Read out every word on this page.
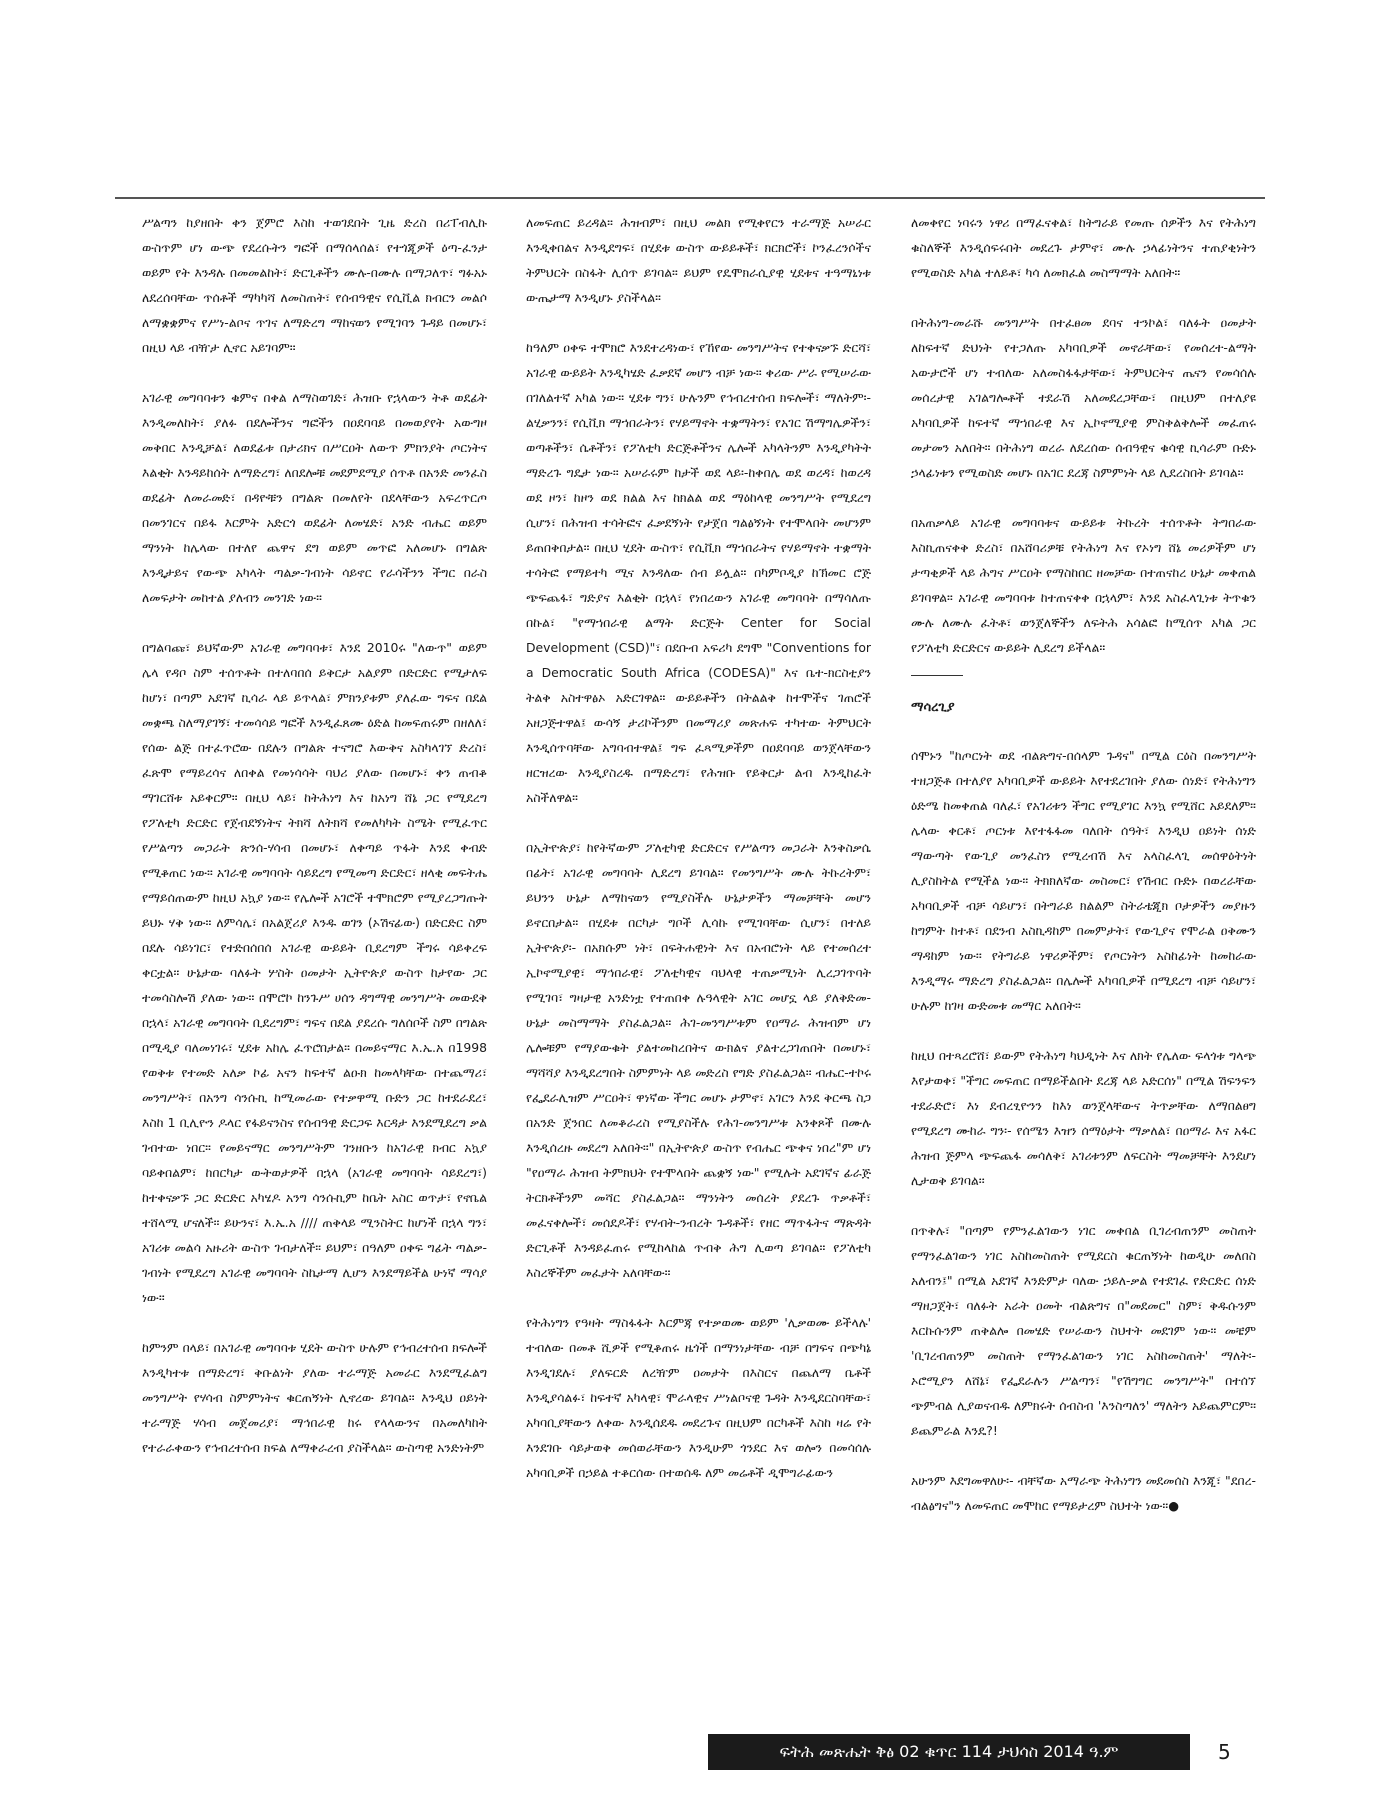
ሥልጣን ከያዘበት ቀን ጀምሮ እስከ ተወገደበት ጊዜ ድረስ በሪፐብሊኩ ውስጥም ሆነ ውጭ የደረሱትን ግፎች በማሰላሰል፣ የተጎጂዎች ዕጣ-ፈንታ ወይም የት እንዳሉ በመመልከት፣ ድርጊቶችን ሙሉ-በሙሉ በማጋለጥ፣ ግፉአኑ ለደረሰባቸው ጥሰቶች ማካካሻ ለመስጠት፣ የሰብዓዊና የሲቪል ክብርን መልሶ ለማቋቋምና የሥነ-ልቦና ጥገና ለማድረግ ማከናወን የሚገባን ጉዳይ በመሆኑ፣ በዚህ ላይ ብዥታ ሊኖር አይገባም።

አገራዊ መግባባቱን ቁምና በቀል ለማስወገድ፣ ሕዝቡ የኋላውን ትቶ ወደፊት እንዲመለከት፣ ያለፉ በደሎችንና ግፎችን በዐደባባይ በመወያየት አውግዞ መቅበር እንዲቻል፣ ለወደፊቱ በታሪክና በሥርዐት ለውጥ ምክንያት ጦርነትና እልቂት እንዳይከሰት ለማድረግ፣ ለበደሎቹ መደምደሚያ ሰጥቶ በአንድ መንፈስ ወደፊት ለመራመድ፣ በዳዮቹን በግልጽ በመለየት በደላቸውን አፍረጥርጦ በመንገርና በይፋ እርምት አድርጎ ወደፊት ለመሄድ፣ አንድ ብሔር ወይም ማንነት ከሌላው በተለየ ጨዋና ደግ ወይም መጥፎ አለመሆኑ በግልጽ እንዲታይና የውጭ አካላት ጣልቃ-ገብነት ሳይኖር የራሳችንን ችግር በራስ ለመፍታት መከተል ያለብን መንገድ ነው።

በግልባጩ፣ ይህኛውም አገራዊ መግባባቱ፣ እንደ 2010ሩ "ለውጥ" ወይም ሌላ የዳቦ ስም ተሰጥቶት በተለባበሰ ይቅርታ አልያም በድርድር የሚታለፍ ከሆነ፣ በጣም አደገኛ ኪሳራ ላይ ይጥላል፣ ምክንያቱም ያለፈው ግፍና በደል መቋጫ ስለማያገኝ፣ ተመሳሳይ ግፎች እንዲፈጸሙ ዕድል ከመፍጠሩም በዘለለ፣ የሰው ልጅ በተፈጥሮው በደሉን በግልጽ ተናግሮ እውቅና አስካላገኘ ድረስ፣ ፈጽሞ የማይረሳና ለበቀል የመነሳሳት ባህሪ ያለው በመሆኑ፣ ቀን ጠብቆ ማገርሸቱ አይቀርም። በዚህ ላይ፣ ከትሕነግ እና ከአነግ ሸኔ ጋር የሚደረግ የፖለቲካ ድርድር የጀብደኝነትና ትክሻ ለትክሻ የመለካካት ስሜት የሚፈጥር የሥልጣን መጋራት ጽንሰ-ሃሳብ በመሆኑ፣ ለቀጣይ ጥፋት እንደ ቀብድ የሚቆጠር ነው። አገራዊ መግባባት ሳይደረግ የሚመጣ ድርድር፣ ዘላቂ መፍትሔ የማይሰጠውም ከዚህ አኳያ ነው። የሌሎች አገሮች ተሞክሮም የሚያረጋግጡት ይህኑ ሃቅ ነው። ለምሳሌ፣ በአልጀሪያ እንዱ ወገን (ኦሽናፊው) በድርድር ስም በደሉ ሳይነገር፣ የተድበሰበሰ አገራዊ ውይይት ቢደረግም ችግሩ ሳይቀረፍ ቀርቷል፡፡ ሁኔታው ባለፉት ሦስት ዐመታት ኢትዮጵያ ውስጥ ከታየው ጋር ተመሳስሎሽ ያለው ነው። በሞሮኮ ከንጉሥ ሀሰን ዳግማዊ መንግሥት መውደቅ በኋላ፣ አገራዊ መግባባት ቢደረግም፣ ግፍና በደል ያደረሱ ግለሰቦች ስም በግልጽ በሚዲያ ባለመነገሩ፣ ሂደቱ አከሌ ፈጥሮበታል። በመይናማር እ.ኤ.አ በ1998 የወቅቱ የተመድ አለቃ ኮፊ አናን ከፍተኛ ልዑክ ከመላካቸው በተጨማሪ፣ መንግሥት፣ በአንግ ሳንሱኪ ከሚመራው የተቃዋሚ ቡድን ጋር ከተደራደረ፣ እስከ 1 ቢሊዮን ዶላር የፋይናንስና የሰብዓዊ ድርጋፍ እርዳታ እንደሚደረግ ቃል ገብተው ነበር። የመይናማር መንግሥትም ገንዘቡን ከአገራዊ ክብር አኳያ ባይቀበልም፣ ከበርካታ ውትወታዎች በኋላ (አገራዊ መግባባት ሳይደረግ፣) ከተቀናቃኙ ጋር ድርድር አካሄዶ አንግ ሳንሱኪም ከቤት አስር ወጥታ፣ የኖቤል ተሸላሚ ሆናለች፡፡ ይሁንና፣ እ.ኤ.አ //// ጠቅላይ ሚንስትር ከሆነች በኋላ ግን፣ አገሪቱ መልሳ አዙሪት ውስጥ ገብታለች፡፡ ይህም፣ በዓለም ዐቀፍ ግፊት ጣልቃ-ገብነት የሚደረግ አገራዊ መግባባት ስኬታማ ሊሆን እንደማይችል ሁነኛ ማሳያ ነው።

ከምንም በላይ፣ በአገራዊ መግባባቱ ሂደት ውስጥ ሁሉም የኅብረተሰብ ክፍሎች እንዲካተቱ በማድረግ፣ ቅቡልነት ያለው ተራማጅ አመራር እንደሚፈልግ መንግሥት የሃሳብ ስምምነትና ቁርጠኝነት ሊኖረው ይገባል። እንዲህ ዐይነት ተራማጅ ሃሳብ መጀመሪያ፣ ማኅበራዊ ከሩ የላላውንና በአመለካከት የተራራቀውን የኅብረተሰብ ክፍል ለማቀራረብ ያስችላል። ውስጣዊ አንድነትም

ለመፍጠር ይረዳል። ሕዝብም፣ በዚህ መልክ የሚቀየርን ተራማጅ አሠራር እንዲቀበልና እንዲደግፍ፣ በሂደቱ ውስጥ ውይይቶች፣ ክርክሮች፣ ኮንፈረንሶችና ትምህርት በስፋት ሊሰጥ ይገባል። ይህም የዴሞክራሲያዊ ሂደቱና ተዓማኒነቱ ውጤታማ እንዲሆኑ ያስችላል።

ከዓለም ዐቀፍ ተሞክሮ እንደተረዳነው፣ የኸየው መንግሥትና የተቀናቃኙ ድርሻ፣ አገራዊ ውይይት እንዲካሄድ ፈቃደኛ መሆን ብቻ ነው። ቀሪው ሥራ የሚሠራው በገለልተኛ አካል ነው። ሂደቱ ግን፣ ሁሉንም የኅብረተሰብ ክፍሎች፣ ማለትም፡- ልሂቃንን፣ የሲቪክ ማኀበራትን፣ የሃይማኖት ተቋማትን፣ የአገር ሽማግሌዎችን፣ ወጣቶችን፣ ሴቶችን፣ የፖለቲካ ድርጅቶችንና ሌሎች አካላትንም እንዲያካትት ማድረጉ ግዴታ ነው። አሠራሩም ከታች ወደ ላይ፡-ከቀበሌ ወደ ወረዳ፣ ከወረዳ ወደ ዞን፣ ከዞን ወደ ክልል እና ከክልል ወደ ማዕከላዊ መንግሥት የሚደረግ ሲሆን፣ በሕዝብ ተሳትፎና ፈቃደኝነት የታጀበ ግልፅኝነት የተሞላበት መሆንም ይጠበቅበታል። በዚህ ሂደት ውስጥ፣ የሲቪክ ማኀበራትና የሃይማኖት ተቋማት ተሳትፎ የማይተካ ሚና እንዳለው ሰብ ይሏል። በካምቦዲያ ከኽመር ሮጅ ጭፍጨፋ፣ ግድያና እልቂት በኋላ፣ የነበረውን አገራዊ መግባባት በማሳለጡ በኩል፣ "የማኀበራዊ ልማት ድርጅት Center for Social Development (CSD)"፣ በደቡብ አፍሪካ ደግሞ "Conventions for a Democratic South Africa (CODESA)" እና ቤተ-ክርስቲያን ትልቅ አስተዋፅኦ አድርገዋል። ውይይቶችን በትልልቅ ከተሞችና ገጠሮች አዘጋጅተዋል፤ ውሳኝ ታሪኮችንም በመማሪያ መጽሐፍ ተካተው ትምህርት እንዲሰጥባቸው አግባብተዋል፤ ግፍ ፈጻሚዎችም በዐደባባይ ወንጀላቸውን ዘርዝረው እንዲያስረዱ በማድረግ፣ የሕዝቡ የይቅርታ ልብ እንዲከፈት አስችለዋል።

በኢትዮጵያ፣ ከየትኛውም ፖለቲካዊ ድርድርና የሥልጣን መጋራት እንቅስቃሴ በፊት፣ አገራዊ መግባባት ሊደረግ ይገባል። የመንግሥት ሙሉ ትኩረትም፣ ይህንን ሁኔታ ለማከናወን የሚያስችሉ ሁኔታዎችን ማመቻቸት መሆን ይኖርበታል። በሂደቱ በርካታ ግቦች ሊሳኩ የሚገባቸው ሲሆን፣ በተለይ ኢትዮጵያ፡- በአክሱም ነት፣ በፍትሐዊነት እና በአብሮነት ላይ የተመሰረተ ኢኮኖሚያዊ፣ ማኅበራዊ፣ ፖለቲካዊና ባህላዊ ተጠቃሚነት ሊረጋገጥባት የሚገባ፣ ግዛታዊ አንድነቷ የተጠበቀ ሉዓላዊት አገር መሆኗ ላይ ያለቅድመ-ሁኔታ መስማማት ያስፈልጋል። ሕገ-መንግሥቱም የዐማራ ሕዝብም ሆነ ሌሎቹም የማያውቁት ያልተመከረበትና ውክልና ያልተረጋገጠበት በመሆኑ፣ ማሻሻያ እንዲደረግበት ስምምነት ላይ መድረስ የግድ ያስፈልጋል። ብሔር-ተኮሩ የፌደራሊዝም ሥርዐት፣ ዋነኛው ችግር መሆኑ ታምኖ፣ አገርን እንደ ቅርጫ ስጋ በአንድ ጀንበር ለመቆራረስ የሚያስችሉ የሕገ-መንግሥቱ አንቀጾች በሙሉ እንዲሰረዙ መደረግ አለበት።" በኢትዮጵያ ውስጥ የብሔር ጭቀና ነበረ"ም ሆነ "የዐማራ ሕዝብ ትምክህት የተሞላበት ጨቋኝ ነው" የሚሉት አደገኛና ፊራጅ ትርክቶችንም መሻር ያስፈልጋል። ማንነትን መሰረት ያደረጉ ጥቃቶች፣ መፈናቀሎች፣ መሰደዶች፣ የሃብት-ንብረት ጉዳቶች፣ የዘር ማጥፋትና ማጽዳት ድርጊቶች እንዳይፈጠሩ የሚከላከል ጥብቅ ሕግ ሊወጣ ይገባል። የፖለቲካ እስረኞችም መፈታት አለባቸው።

የትሕነግን የዓዛት ማስፋፋት እርምጃ የተቃወሙ ወይም 'ሊቃወሙ ይችላሉ' ተብለው በመቶ ሺዎች የሚቆጠሩ ዜጎች በማንነታቸው ብቻ በግፍና በጭካኔ እንዲገደሉ፣ ያለፍርድ ለረዥም ዐመታት በእስርና በጨለማ ቤቶች እንዲያሳልፉ፣ ከፍተኛ አካላዊ፣ ሞራላዊና ሥነልቦናዊ ጉዳት እንዲደርስባቸው፣ አካባቢያቸውን ለቀው እንዲሰደዱ መደረጉና በዚህም በርካቶች እስከ ዛሬ የት እንደገቡ ሳይታወቅ መሰወራቸውን እንዲሁም ጎንደር እና ወሎን በመሳሰሉ አካባቢዎች በኃይል ተቆርሰው በተወሰዱ ለም መሬቶች ዲሞግራፊውን

ለመቀየር ነባሩን ነዋሪ በማፈናቀል፣ ከትግራይ የመጡ ሰዎችን እና የትሕነግ ቁስለኞች እንዲሰፍሩበት መደረጉ ታምኖ፣ ሙሉ ኃላፊነትንና ተጠያቂነትን የሚወስድ አካል ተለይቶ፣ ካሳ ለመክፈል መስማማት አለበት።

በትሕነግ-መራሹ መንግሥት በተፈፀመ ደባና ተንኮል፣ ባለፉት ዐመታት ለከፍተኛ ድህነት የተጋለጡ አካባቢዎች መኖራቸው፣ የመሰረተ-ልማት አውታሮች ሆነ ተብለው አለመስፋፋታቸው፣ ትምህርትና ጤናን የመሳሰሉ መሰረታዊ አገልግሎቶች ተደራሽ አለመደረጋቸው፣ በዚህም በተለያዩ አካባቢዎች ከፍተኛ ማኀበራዊ እና ኢኮኖሚያዊ ምስቅልቅሎች መፈጠሩ መታመን አለበት። በትሕነግ ወረራ ለደረሰው ሰብዓዊና ቁሳዊ ኪሳራም ቡድኑ ኃላፊነቱን የሚወስድ መሆኑ በአገር ደረጃ ስምምነት ላይ ሊደረስበት ይገባል።

በአጠቃላይ አገራዊ መግባባቱና ውይይቱ ትኩረት ተሰጥቶት ትግበራው እስኪጠናቀቅ ድረስ፣ በአሸባሪዎቹ የትሕነግ እና የኦነግ ሸኔ መሪዎችም ሆነ ታጣቂዎች ላይ ሕግና ሥርዐት የማስከበር ዘመቻው በተጠናከረ ሁኔታ መቀጠል ይገባዋል። አገራዊ መግባባቱ ከተጠናቀቀ በኋላም፣ እንደ አስፈላጊነቱ ትጥቁን ሙሉ ለሙሉ ፈትቶ፣ ወንጀለኞችን ለፍትሕ አሳልፎ ከሚሰጥ አካል ጋር የፖለቲካ ድርድርና ውይይት ሊደረግ ይችላል።

ማሳረጊያ

ሰሞኑን "ከጦርነት ወደ ብልጽግና-በሰላም ጉዳና" በሚል ርዕስ በመንግሥት ተዘጋጅቶ በተለያየ አካባቢዎች ውይይት እየተደረገበት ያለው ሰነድ፣ የትሕነግን ዕድሜ ከመቀጠል ባለፈ፣ የአገሪቱን ችግር የሚያገር እንኳ የሚሸር አይደለም፡፡ ሌላው ቀርቶ፣ ጦርነቱ እየተፋፋመ ባለበት ሰዓት፣ እንዲህ ዐይነት ሰነድ ማውጣት የውጊያ መንፈስን የሚረብሽ እና አላስፈላጊ መሰዋዕትነት ሊያስከትል የሚችል ነው፡፡ ትክክለኛው መስመር፣ የሽብር ቡድኑ በወረራቸው አካባቢዎች ብቻ ሳይሆን፣ በትግራይ ክልልም ስትራቴጂክ ቦታዎችን መያዙን ከግምት ከተቶ፣ በደንብ አስኪዳከም በመምታት፣ የውጊያና የሞራል ዐቅሙን ማዳከም ነው፡፡ የትግራይ ነዋሪዎችም፣ የጦርነትን አስከፊነት ከመከራው እንዲማሩ ማድረግ ያስፈልጋል። በሌሎች አካባቢዎች በሚደረግ ብቻ ሳይሆን፣ ሁሉም ከገዛ ውድመቱ መማር አለበት።

ከዚህ በተጻረሮሸ፣ ይውም የትሕነግ ካህዲነት እና ለክት የሌለው ፍላጎቱ ግላጭ እየታወቀ፣ "ችግር መፍጠር በማይችልበት ደረጃ ላይ አድርሰነ" በሚል ሽፍንፍን ተደራድሮ፣ እነ ደብረፂዮንን ከእነ ወንጀላቸውና ትጥቃቸው ለማበልፀግ የሚደረግ ሙከራ ግን፡- የሰሜን እዝን ሰማዕታት ማቃለል፣ በዐማራ እና አፋር ሕዝብ ጅምላ ጭፍጨፋ መሳለቅ፣ አገሪቱንም ለፍርስት ማመቻቸት እንደሆነ ሊታወቅ ይገባል፡፡

በጥቅሉ፣ "በጣም የምንፈልገውን ነገር መቀበል ቢገረብጠንም መስጠት የማንፈልገውን ነገር አስከመስጠት የሚደርስ ቁርጠኝነት ከወዲሁ መለበስ አለብን፤" በሚል አደገኛ እንድምታ ባለው ኃይለ-ቃል የተደገፈ የድርድር ሰነድ ማዘጋጀት፣ ባለፉት አራት ዐመት ብልጽግና በ"መደመር" ስም፣ ቅዱሱንም እርኩሱንም ጠቅልሎ በመሄድ የሠራውን ስህተት መደገም ነው፡፡ መቼም 'ቢገረብጠንም መስጠት የማንፈልገውን ነገር አስከመስጠት' ማለት፡- ኦሮሚያን ለሸኔ፣ የፌደራሉን ሥልጣን፣ "የሽግግር መንግሥት" በተሰኘ ጭምብል ሊያወናብዱ ለምክሩት ሰብስብ 'እንስጣለን' ማለትን አይጨምርም፡፡ ይጨምራል እንዴ?!

አሁንም እደግመዋለሁ፡- ብቸኛው አማራጭ ትሕነግን መደመሰስ እንጂ፣ "ደበረ-ብልፅግና"ን ለመፍጠር መሞከር የማይታረም ስህተት ነው፡፡●

ፍትሕ መጽሔት ቅፅ 02 ቁጥር 114 ታህሳስ 2014 ዓ.ም	5
